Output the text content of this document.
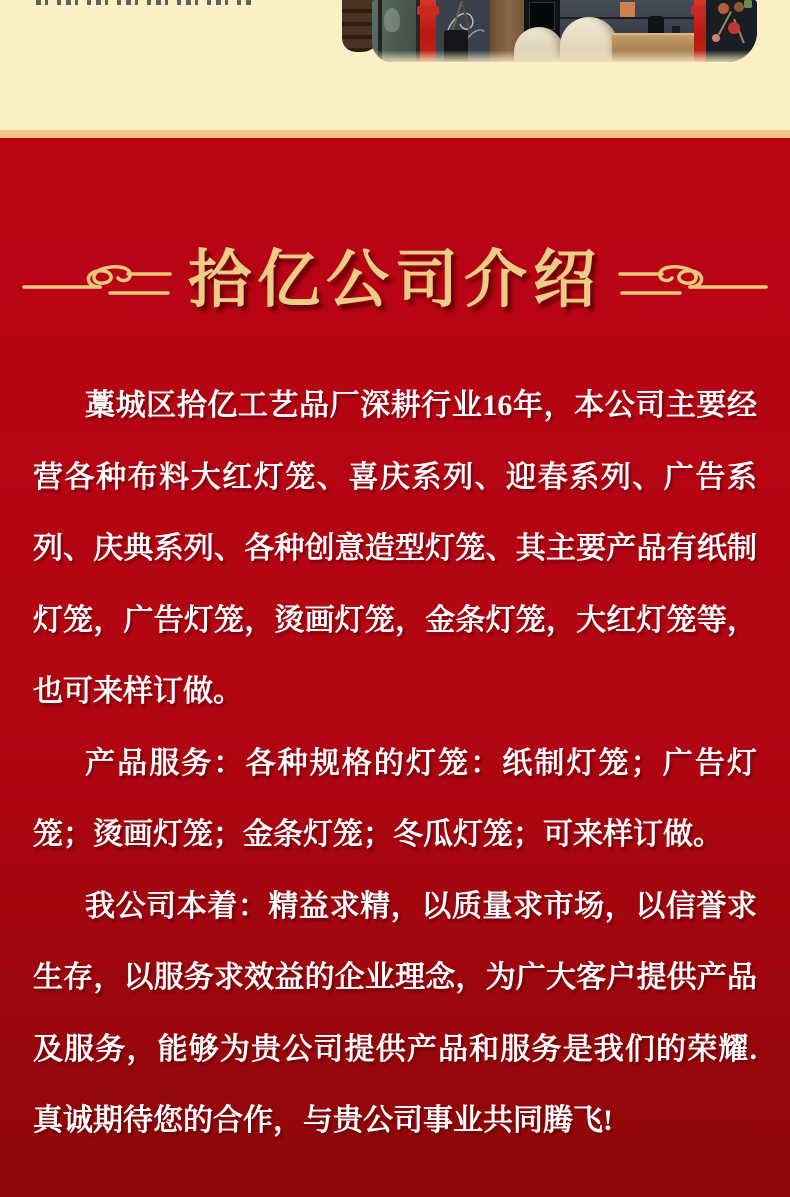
拾亿公司介绍

藁城区拾亿工艺品厂深耕行业16年，本公司主要经

营各种布料大红灯笼、喜庆系列、迎春系列、广告系

列、庆典系列、各种创意造型灯笼、其主要产品有纸制

灯笼，广告灯笼，烫画灯笼，金条灯笼，大红灯笼等，

也可来样订做。

产品服务：各种规格的灯笼：纸制灯笼；广告灯

笼；烫画灯笼；金条灯笼；冬瓜灯笼；可来样订做。

我公司本着：精益求精，以质量求市场，以信誉求

生存，以服务求效益的企业理念，为广大客户提供产品

及服务，能够为贵公司提供产品和服务是我们的荣耀.

真诚期待您的合作，与贵公司事业共同腾飞!
